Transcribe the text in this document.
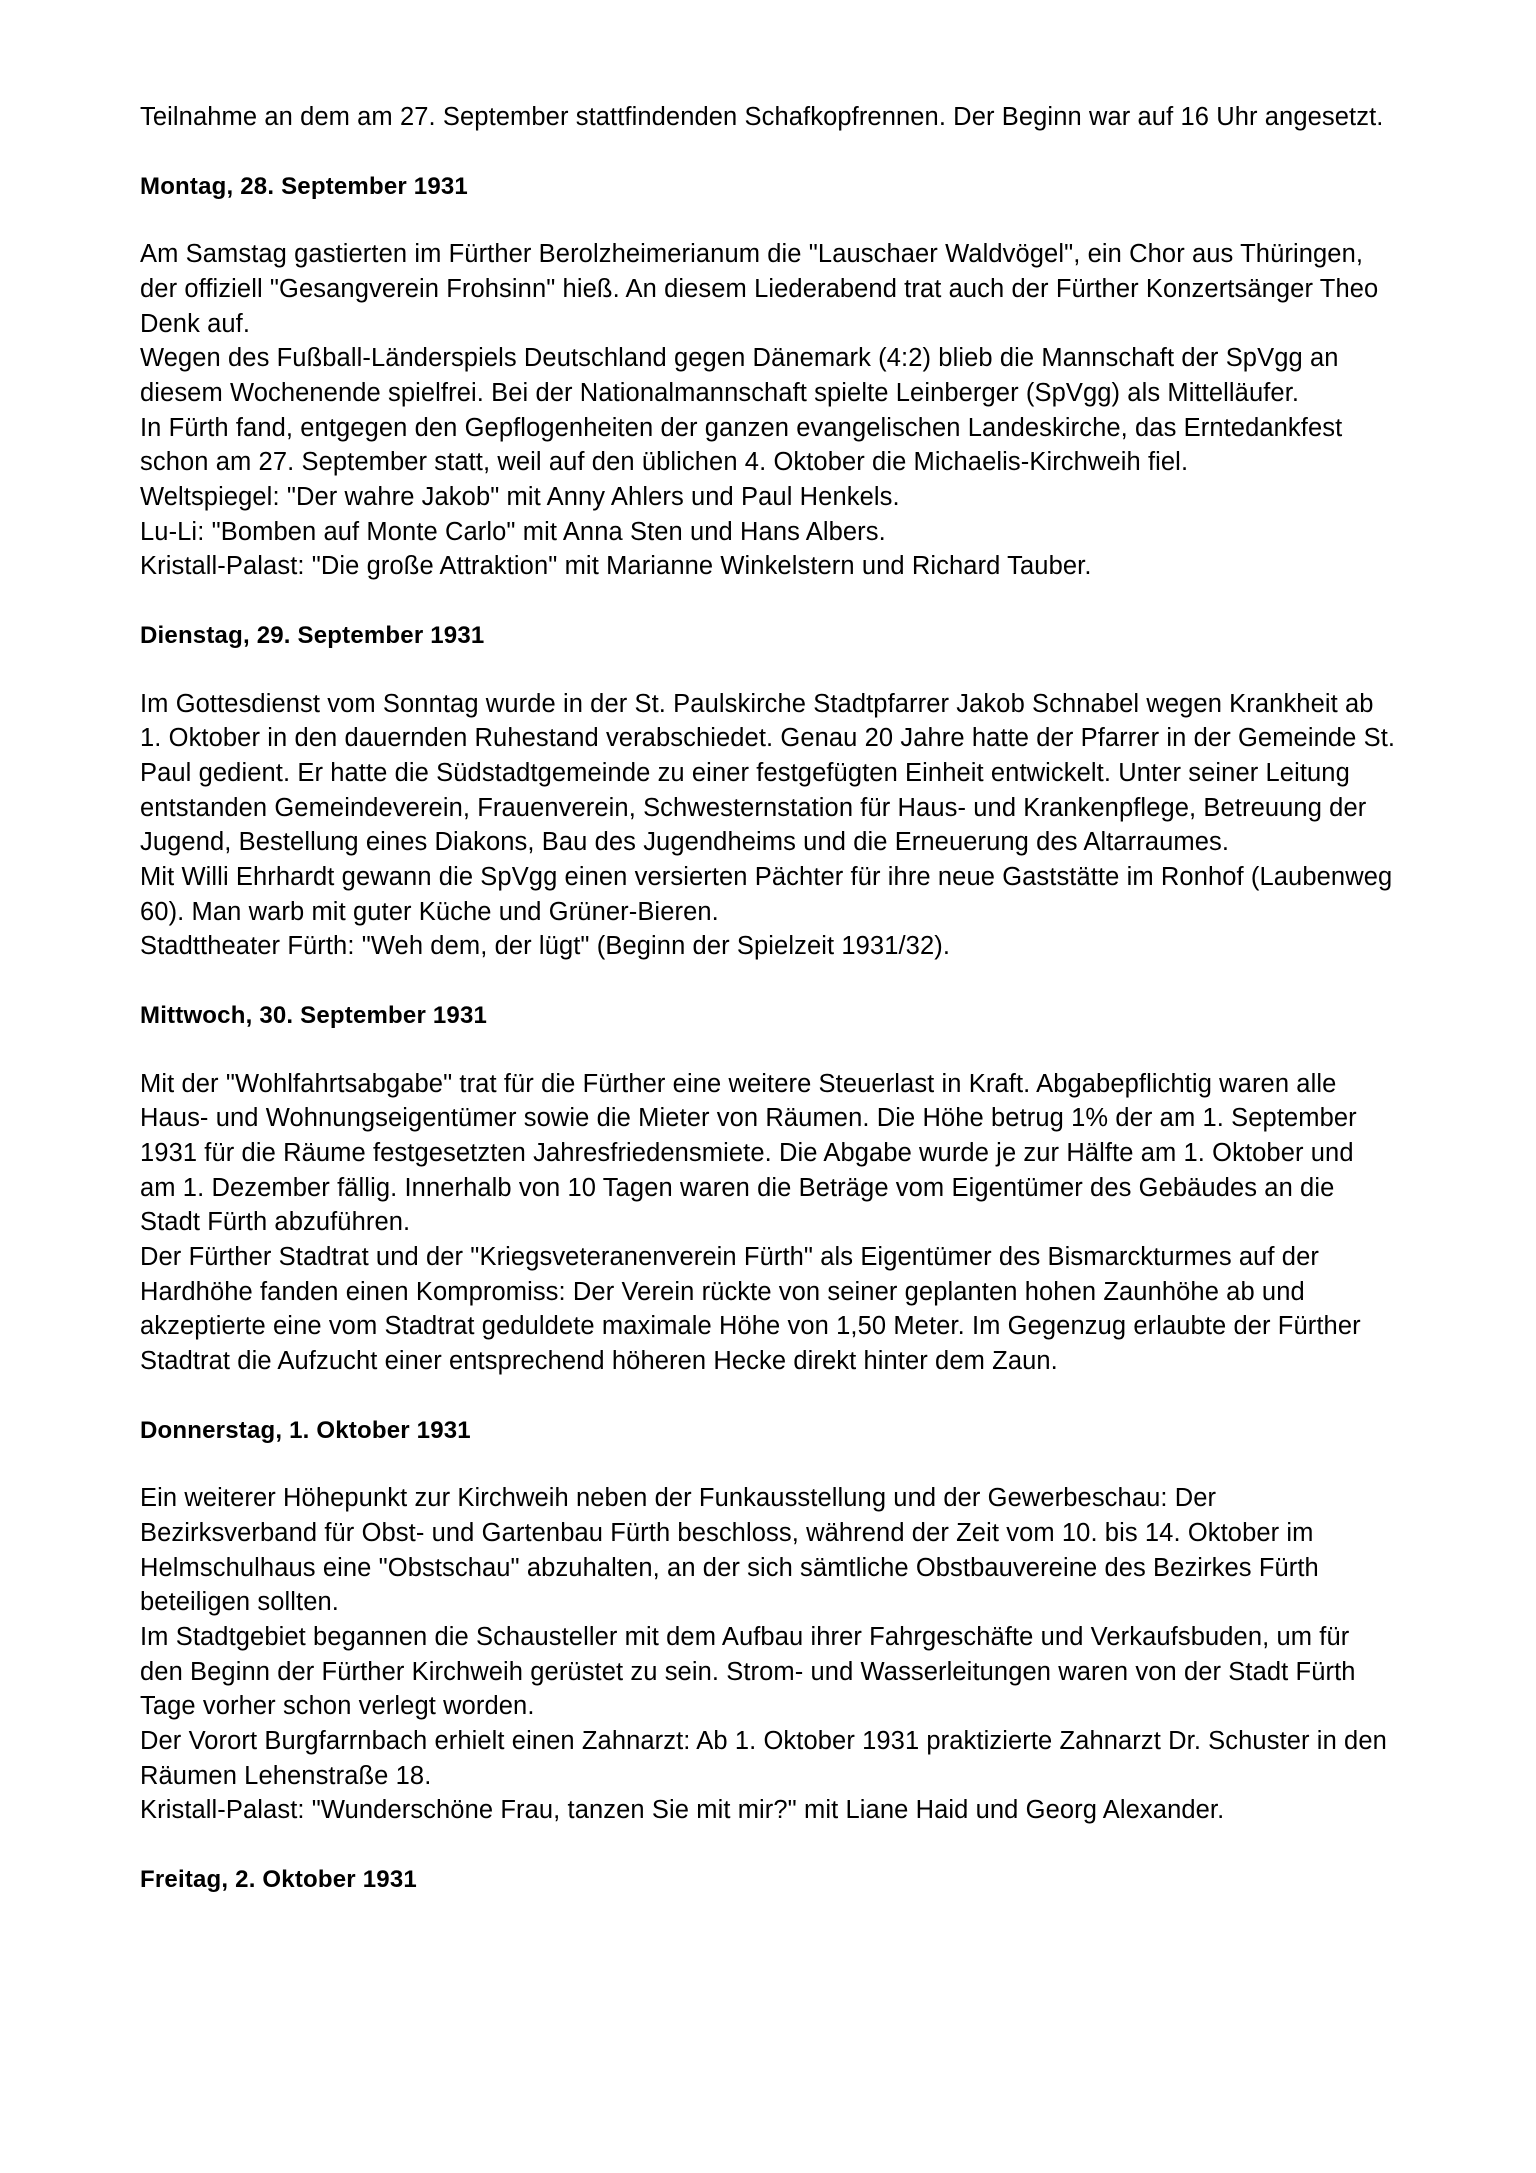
Teilnahme an dem am 27. September stattfindenden Schafkopfrennen. Der Beginn war auf 16 Uhr angesetzt.

Montag, 28. September 1931

Am Samstag gastierten im Fürther Berolzheimerianum die "Lauschaer Waldvögel", ein Chor aus Thüringen, der offiziell "Gesangverein Frohsinn" hieß. An diesem Liederabend trat auch der Fürther Konzertsänger Theo Denk auf.

Wegen des Fußball-Länderspiels Deutschland gegen Dänemark (4:2) blieb die Mannschaft der SpVgg an diesem Wochenende spielfrei. Bei der Nationalmannschaft spielte Leinberger (SpVgg) als Mittelläufer.

In Fürth fand, entgegen den Gepflogenheiten der ganzen evangelischen Landeskirche, das Erntedankfest schon am 27. September statt, weil auf den üblichen 4. Oktober die Michaelis-Kirchweih fiel.

Weltspiegel: "Der wahre Jakob" mit Anny Ahlers und Paul Henkels.

Lu-Li: "Bomben auf Monte Carlo" mit Anna Sten und Hans Albers.

Kristall-Palast: "Die große Attraktion" mit Marianne Winkelstern und Richard Tauber.

Dienstag, 29. September 1931

Im Gottesdienst vom Sonntag wurde in der St. Paulskirche Stadtpfarrer Jakob Schnabel wegen Krankheit ab 1. Oktober in den dauernden Ruhestand verabschiedet. Genau 20 Jahre hatte der Pfarrer in der Gemeinde St. Paul gedient. Er hatte die Südstadtgemeinde zu einer festgefügten Einheit entwickelt. Unter seiner Leitung entstanden Gemeindeverein, Frauenverein, Schwesternstation für Haus- und Krankenpflege, Betreuung der Jugend, Bestellung eines Diakons, Bau des Jugendheims und die Erneuerung des Altarraumes.

Mit Willi Ehrhardt gewann die SpVgg einen versierten Pächter für ihre neue Gaststätte im Ronhof (Laubenweg 60). Man warb mit guter Küche und Grüner-Bieren.

Stadttheater Fürth: "Weh dem, der lügt" (Beginn der Spielzeit 1931/32).

Mittwoch, 30. September 1931

Mit der "Wohlfahrtsabgabe" trat für die Fürther eine weitere Steuerlast in Kraft. Abgabepflichtig waren alle Haus- und Wohnungseigentümer sowie die Mieter von Räumen. Die Höhe betrug 1% der am 1. September 1931 für die Räume festgesetzten Jahresfriedensmiete. Die Abgabe wurde je zur Hälfte am 1. Oktober und am 1. Dezember fällig. Innerhalb von 10 Tagen waren die Beträge vom Eigentümer des Gebäudes an die Stadt Fürth abzuführen.

Der Fürther Stadtrat und der "Kriegsveteranenverein Fürth" als Eigentümer des Bismarckturmes auf der Hardhöhe fanden einen Kompromiss: Der Verein rückte von seiner geplanten hohen Zaunhöhe ab und akzeptierte eine vom Stadtrat geduldete maximale Höhe von 1,50 Meter. Im Gegenzug erlaubte der Fürther Stadtrat die Aufzucht einer entsprechend höheren Hecke direkt hinter dem Zaun.

Donnerstag, 1. Oktober 1931

Ein weiterer Höhepunkt zur Kirchweih neben der Funkausstellung und der Gewerbeschau: Der Bezirksverband für Obst- und Gartenbau Fürth beschloss, während der Zeit vom 10. bis 14. Oktober im Helmschulhaus eine "Obstschau" abzuhalten, an der sich sämtliche Obstbauvereine des Bezirkes Fürth beteiligen sollten.

Im Stadtgebiet begannen die Schausteller mit dem Aufbau ihrer Fahrgeschäfte und Verkaufsbuden, um für den Beginn der Fürther Kirchweih gerüstet zu sein. Strom- und Wasserleitungen waren von der Stadt Fürth Tage vorher schon verlegt worden.

Der Vorort Burgfarrnbach erhielt einen Zahnarzt: Ab 1. Oktober 1931 praktizierte Zahnarzt Dr. Schuster in den Räumen Lehenstraße 18.

Kristall-Palast: "Wunderschöne Frau, tanzen Sie mit mir?" mit Liane Haid und Georg Alexander.

Freitag, 2. Oktober 1931
